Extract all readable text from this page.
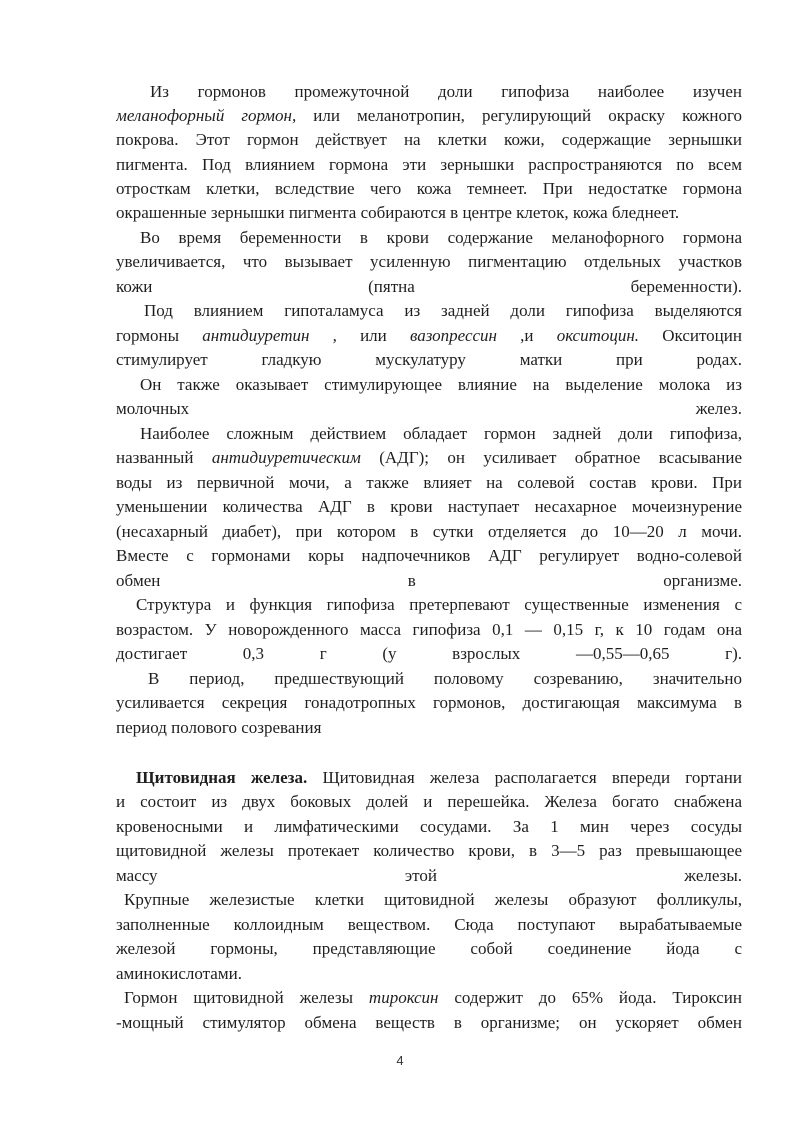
Из гормонов промежуточной доли гипофиза наиболее изучен
меланофорный гормон, или меланотропин, регулирующий окраску кожного
покрова. Этот гормон действует на клетки кожи, содержащие зернышки
пигмента. Под влиянием гормона эти зернышки распространяются по всем
отросткам клетки, вследствие чего кожа темнеет. При недостатке гормона
окрашенные зернышки пигмента собираются в центре клеток, кожа бледнеет.
Во время беременности в крови содержание меланофорного гормона
увеличивается, что вызывает усиленную пигментацию отдельных участков
кожи (пятна беременности).
Под влиянием гипоталамуса из задней доли гипофиза выделяются
гормоны антидиуретин , или вазопрессин ,и окситоцин. Окситоцин
стимулирует гладкую мускулатуру матки при родах.
Он также оказывает стимулирующее влияние на выделение молока из
молочных желез.
Наиболее сложным действием обладает гормон задней доли гипофиза,
названный антидиуретическим (АДГ); он усиливает обратное всасывание
воды из первичной мочи, а также влияет на солевой состав крови. При
уменьшении количества АДГ в крови наступает несахарное мочеизнурение
(несахарный диабет), при котором в сутки отделяется до 10—20 л мочи.
Вместе с гормонами коры надпочечников АДГ регулирует водно-солевой
обмен в организме.
Структура и функция гипофиза претерпевают существенные изменения с
возрастом. У новорожденного масса гипофиза 0,1 — 0,15 г, к 10 годам она
достигает 0,3 г (у взрослых —0,55—0,65 г).
В период, предшествующий половому созреванию, значительно
усиливается секреция гонадотропных гормонов, достигающая максимума в
период полового созревания
Щитовидная железа. Щитовидная железа располагается впереди гортани
и состоит из двух боковых долей и перешейка. Железа богато снабжена
кровеносными и лимфатическими сосудами. За 1 мин через сосуды
щитовидной железы протекает количество крови, в 3—5 раз превышающее
массу этой железы.
Крупные железистые клетки щитовидной железы образуют фолликулы,
заполненные коллоидным веществом. Сюда поступают вырабатываемые
железой гормоны, представляющие собой соединение йода с
аминокислотами.
Гормон щитовидной железы тироксин содержит до 65% йода. Тироксин
-мощный стимулятор обмена веществ в организме; он ускоряет обмен
4
